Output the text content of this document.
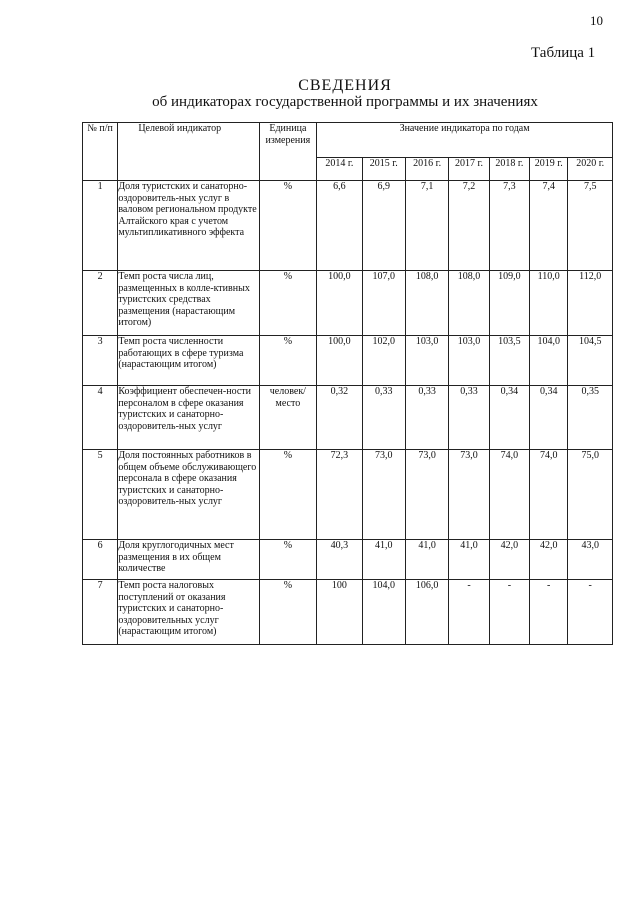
10
Таблица 1
СВЕДЕНИЯ
об индикаторах государственной программы и их значениях
№ п/п	Целевой индикатор	Единица измерения	Значение индикатора по годам						
			2014 г.	2015 г.	2016 г.	2017 г.	2018 г.	2019 г.	2020 г.
1	Доля туристских и санаторно-оздоровитель-ных услуг в валовом региональном продукте Алтайского края с учетом мультипликативного эффекта	%	6,6	6,9	7,1	7,2	7,3	7,4	7,5
2	Темп роста числа лиц, размещенных в колле-ктивных туристских средствах размещения (нарастающим итогом)	%	100,0	107,0	108,0	108,0	109,0	110,0	112,0
3	Темп роста численности работающих в сфере туризма (нарастающим итогом)	%	100,0	102,0	103,0	103,0	103,5	104,0	104,5
4	Коэффициент обеспечен-ности персоналом в сфере оказания туристских и санаторно-оздоровитель-ных услуг	человек/ место	0,32	0,33	0,33	0,33	0,34	0,34	0,35
5	Доля постоянных работников в общем объеме обслуживающего персонала в сфере оказания туристских и санаторно-оздоровитель-ных услуг	%	72,3	73,0	73,0	73,0	74,0	74,0	75,0
6	Доля круглогодичных мест размещения в их общем количестве	%	40,3	41,0	41,0	41,0	42,0	42,0	43,0
7	Темп роста налоговых поступлений от оказания туристских и санаторно-оздоровительных услуг (нарастающим итогом)	%	100	104,0	106,0	-	-	-	-
